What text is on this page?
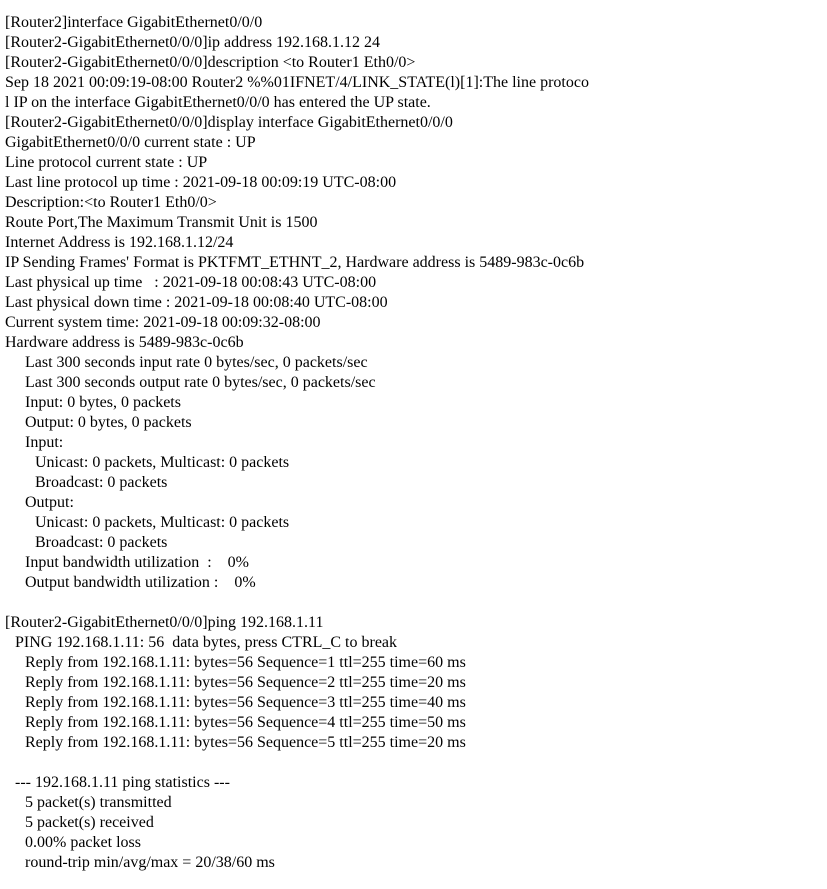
[Router2]interface GigabitEthernet0/0/0
[Router2-GigabitEthernet0/0/0]ip address 192.168.1.12 24
[Router2-GigabitEthernet0/0/0]description <to Router1 Eth0/0>
Sep 18 2021 00:09:19-08:00 Router2 %%01IFNET/4/LINK_STATE(l)[1]:The line protoco
l IP on the interface GigabitEthernet0/0/0 has entered the UP state.
[Router2-GigabitEthernet0/0/0]display interface GigabitEthernet0/0/0
GigabitEthernet0/0/0 current state : UP
Line protocol current state : UP
Last line protocol up time : 2021-09-18 00:09:19 UTC-08:00
Description:<to Router1 Eth0/0>
Route Port,The Maximum Transmit Unit is 1500
Internet Address is 192.168.1.12/24
IP Sending Frames' Format is PKTFMT_ETHNT_2, Hardware address is 5489-983c-0c6b
Last physical up time   : 2021-09-18 00:08:43 UTC-08:00
Last physical down time : 2021-09-18 00:08:40 UTC-08:00
Current system time: 2021-09-18 00:09:32-08:00
Hardware address is 5489-983c-0c6b
Last 300 seconds input rate 0 bytes/sec, 0 packets/sec
Last 300 seconds output rate 0 bytes/sec, 0 packets/sec
Input: 0 bytes, 0 packets
Output: 0 bytes, 0 packets
Input:
Unicast: 0 packets, Multicast: 0 packets
Broadcast: 0 packets
Output:
Unicast: 0 packets, Multicast: 0 packets
Broadcast: 0 packets
Input bandwidth utilization  :    0%
Output bandwidth utilization :    0%
[Router2-GigabitEthernet0/0/0]ping 192.168.1.11
PING 192.168.1.11: 56  data bytes, press CTRL_C to break
Reply from 192.168.1.11: bytes=56 Sequence=1 ttl=255 time=60 ms
Reply from 192.168.1.11: bytes=56 Sequence=2 ttl=255 time=20 ms
Reply from 192.168.1.11: bytes=56 Sequence=3 ttl=255 time=40 ms
Reply from 192.168.1.11: bytes=56 Sequence=4 ttl=255 time=50 ms
Reply from 192.168.1.11: bytes=56 Sequence=5 ttl=255 time=20 ms
--- 192.168.1.11 ping statistics ---
5 packet(s) transmitted
5 packet(s) received
0.00% packet loss
round-trip min/avg/max = 20/38/60 ms
